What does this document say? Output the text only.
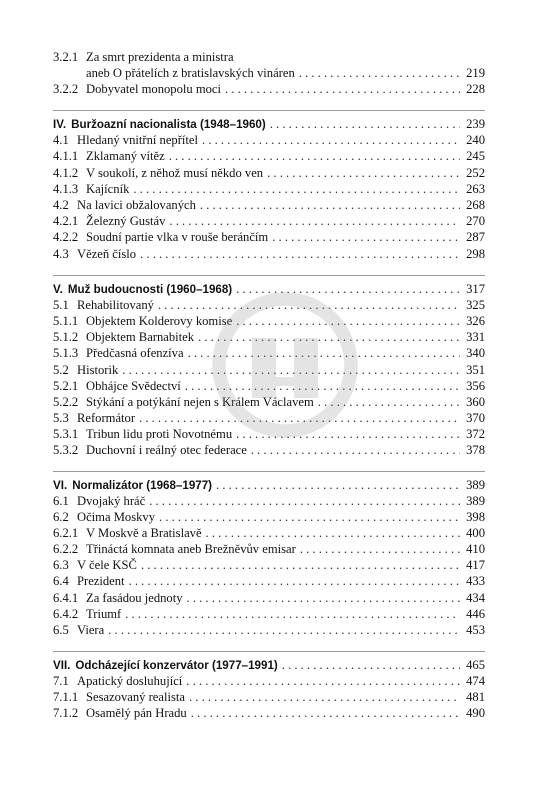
3.2.1 Za smrt prezidenta a ministra
aneb O přátelích z bratislavských vináren . . .	219
3.2.2 Dobyvatel monopolu moci . . .	228
IV. Buržoazní nacionalista (1948–1960) . . .	239
4.1 Hledaný vnitřní nepřítel . . .	240
4.1.1 Zklamaný vítěz . . .	245
4.1.2 V soukolí, z něhož musí někdo ven . . .	252
4.1.3 Kajícník . . .	263
4.2 Na lavici obžalovaných . . .	268
4.2.1 Železný Gustáv . . .	270
4.2.2 Soudní partie vlka v rouše beránčím . . .	287
4.3 Vězeň číslo . . .	298
V. Muž budoucnosti (1960–1968) . . .	317
5.1 Rehabilitovaný . . .	325
5.1.1 Objektem Kolderovy komise . . .	326
5.1.2 Objektem Barnabitek . . .	331
5.1.3 Předčasná ofenzíva . . .	340
5.2 Historik . . .	351
5.2.1 Obhájce Svědectví . . .	356
5.2.2 Stýkání a potýkání nejen s Králem Václavem . . .	360
5.3 Reformátor . . .	370
5.3.1 Tribun lidu proti Novotnému . . .	372
5.3.2 Duchovní i reálný otec federace . . .	378
VI. Normalizátor (1968–1977) . . .	389
6.1 Dvojaký hráč . . .	389
6.2 Očima Moskvy . . .	398
6.2.1 V Moskvě a Bratislavě . . .	400
6.2.2 Třináctá komnata aneb Brežněvův emisar . . .	410
6.3 V čele KSČ . . .	417
6.4 Prezident . . .	433
6.4.1 Za fasádou jednoty . . .	434
6.4.2 Triumf . . .	446
6.5 Viera . . .	453
VII. Odcházející konzervátor (1977–1991) . . .	465
7.1 Apatický dosluhující . . .	474
7.1.1 Sesazovaný realista . . .	481
7.1.2 Osamělý pán Hradu . . .	490
